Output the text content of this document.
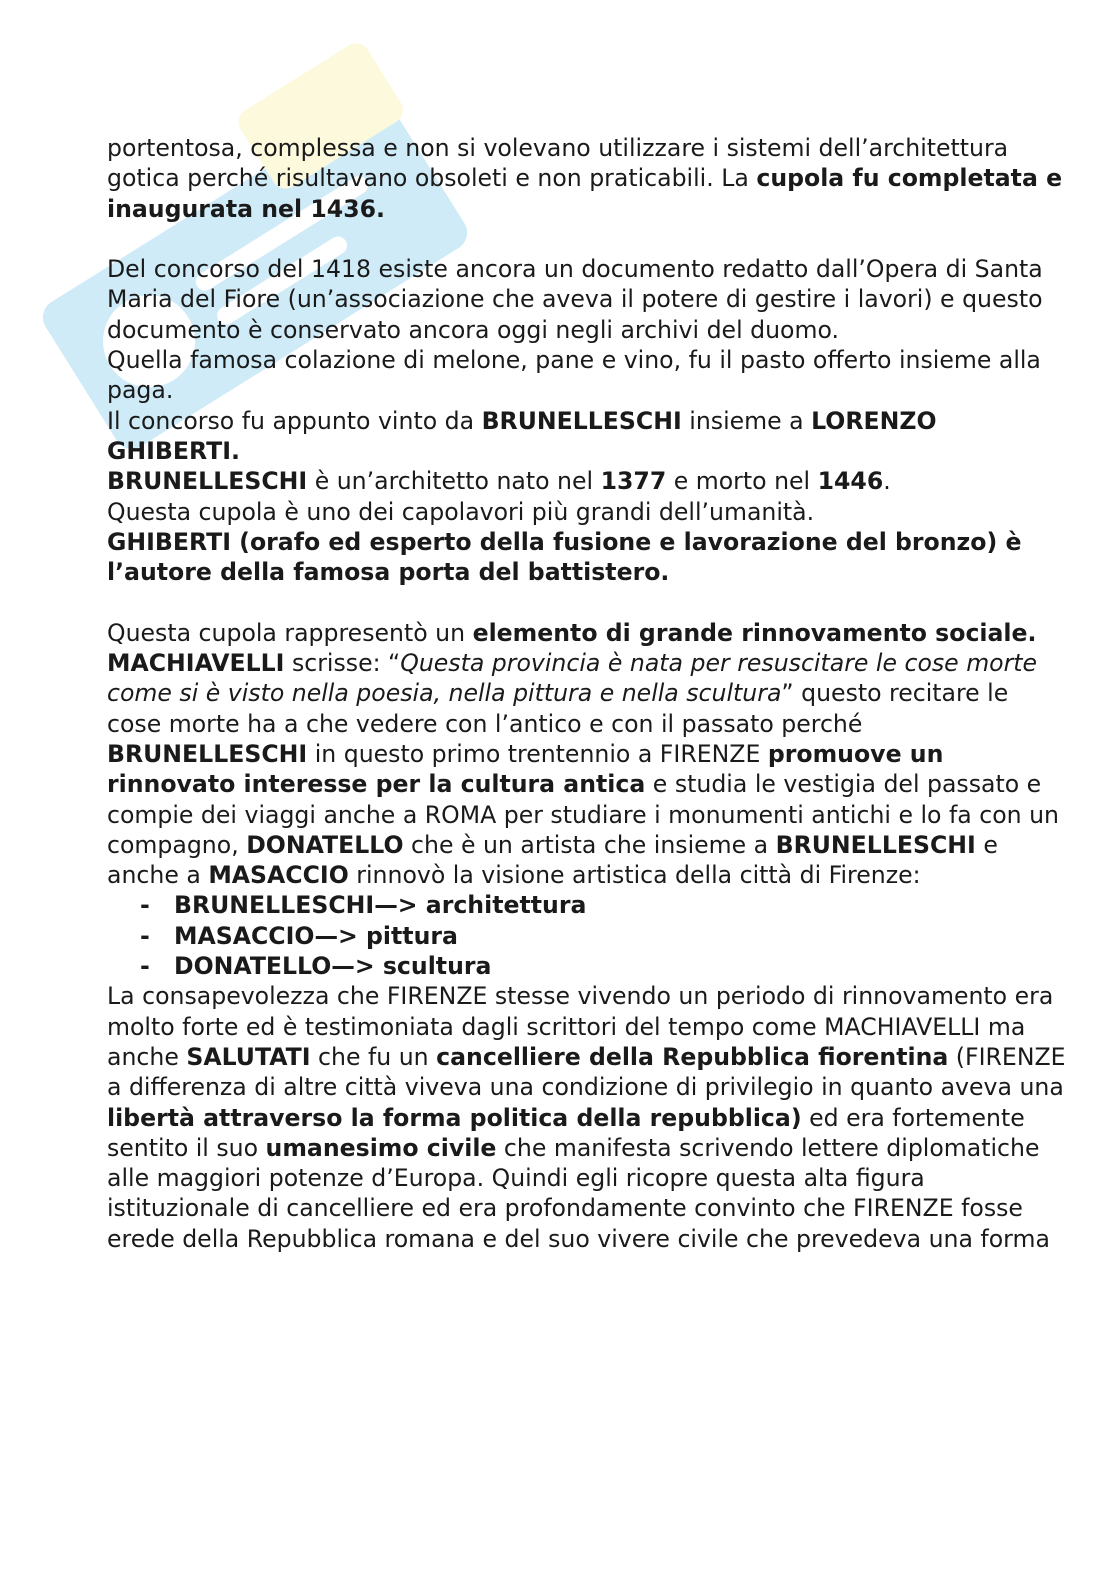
portentosa, complessa e non si volevano utilizzare i sistemi dell’architettura gotica perché risultavano obsoleti e non praticabili. La cupola fu completata e inaugurata nel 1436.

Del concorso del 1418 esiste ancora un documento redatto dall’Opera di Santa Maria del Fiore (un’associazione che aveva il potere di gestire i lavori) e questo documento è conservato ancora oggi negli archivi del duomo.

Quella famosa colazione di melone, pane e vino, fu il pasto offerto insieme alla paga.

Il concorso fu appunto vinto da BRUNELLESCHI insieme a LORENZO GHIBERTI.

BRUNELLESCHI è un’architetto nato nel 1377 e morto nel 1446.

Questa cupola è uno dei capolavori più grandi dell’umanità.

GHIBERTI (orafo ed esperto della fusione e lavorazione del bronzo) è l’autore della famosa porta del battistero.

Questa cupola rappresentò un elemento di grande rinnovamento sociale.

MACHIAVELLI scrisse: “Questa provincia è nata per resuscitare le cose morte come si è visto nella poesia, nella pittura e nella scultura” questo recitare le cose morte ha a che vedere con l’antico e con il passato perché BRUNELLESCHI in questo primo trentennio a FIRENZE promuove un rinnovato interesse per la cultura antica e studia le vestigia del passato e compie dei viaggi anche a ROMA per studiare i monumenti antichi e lo fa con un compagno, DONATELLO che è un artista che insieme a BRUNELLESCHI e anche a MASACCIO rinnovò la visione artistica della città di Firenze:

- BRUNELLESCHI—> architettura
- MASACCIO—> pittura
- DONATELLO—> scultura

La consapevolezza che FIRENZE stesse vivendo un periodo di rinnovamento era molto forte ed è testimoniata dagli scrittori del tempo come MACHIAVELLI ma anche SALUTATI che fu un cancelliere della Repubblica fiorentina (FIRENZE a differenza di altre città viveva una condizione di privilegio in quanto aveva una libertà attraverso la forma politica della repubblica) ed era fortemente sentito il suo umanesimo civile che manifesta scrivendo lettere diplomatiche alle maggiori potenze d’Europa. Quindi egli ricopre questa alta figura istituzionale di cancelliere ed era profondamente convinto che FIRENZE fosse erede della Repubblica romana e del suo vivere civile che prevedeva una forma
